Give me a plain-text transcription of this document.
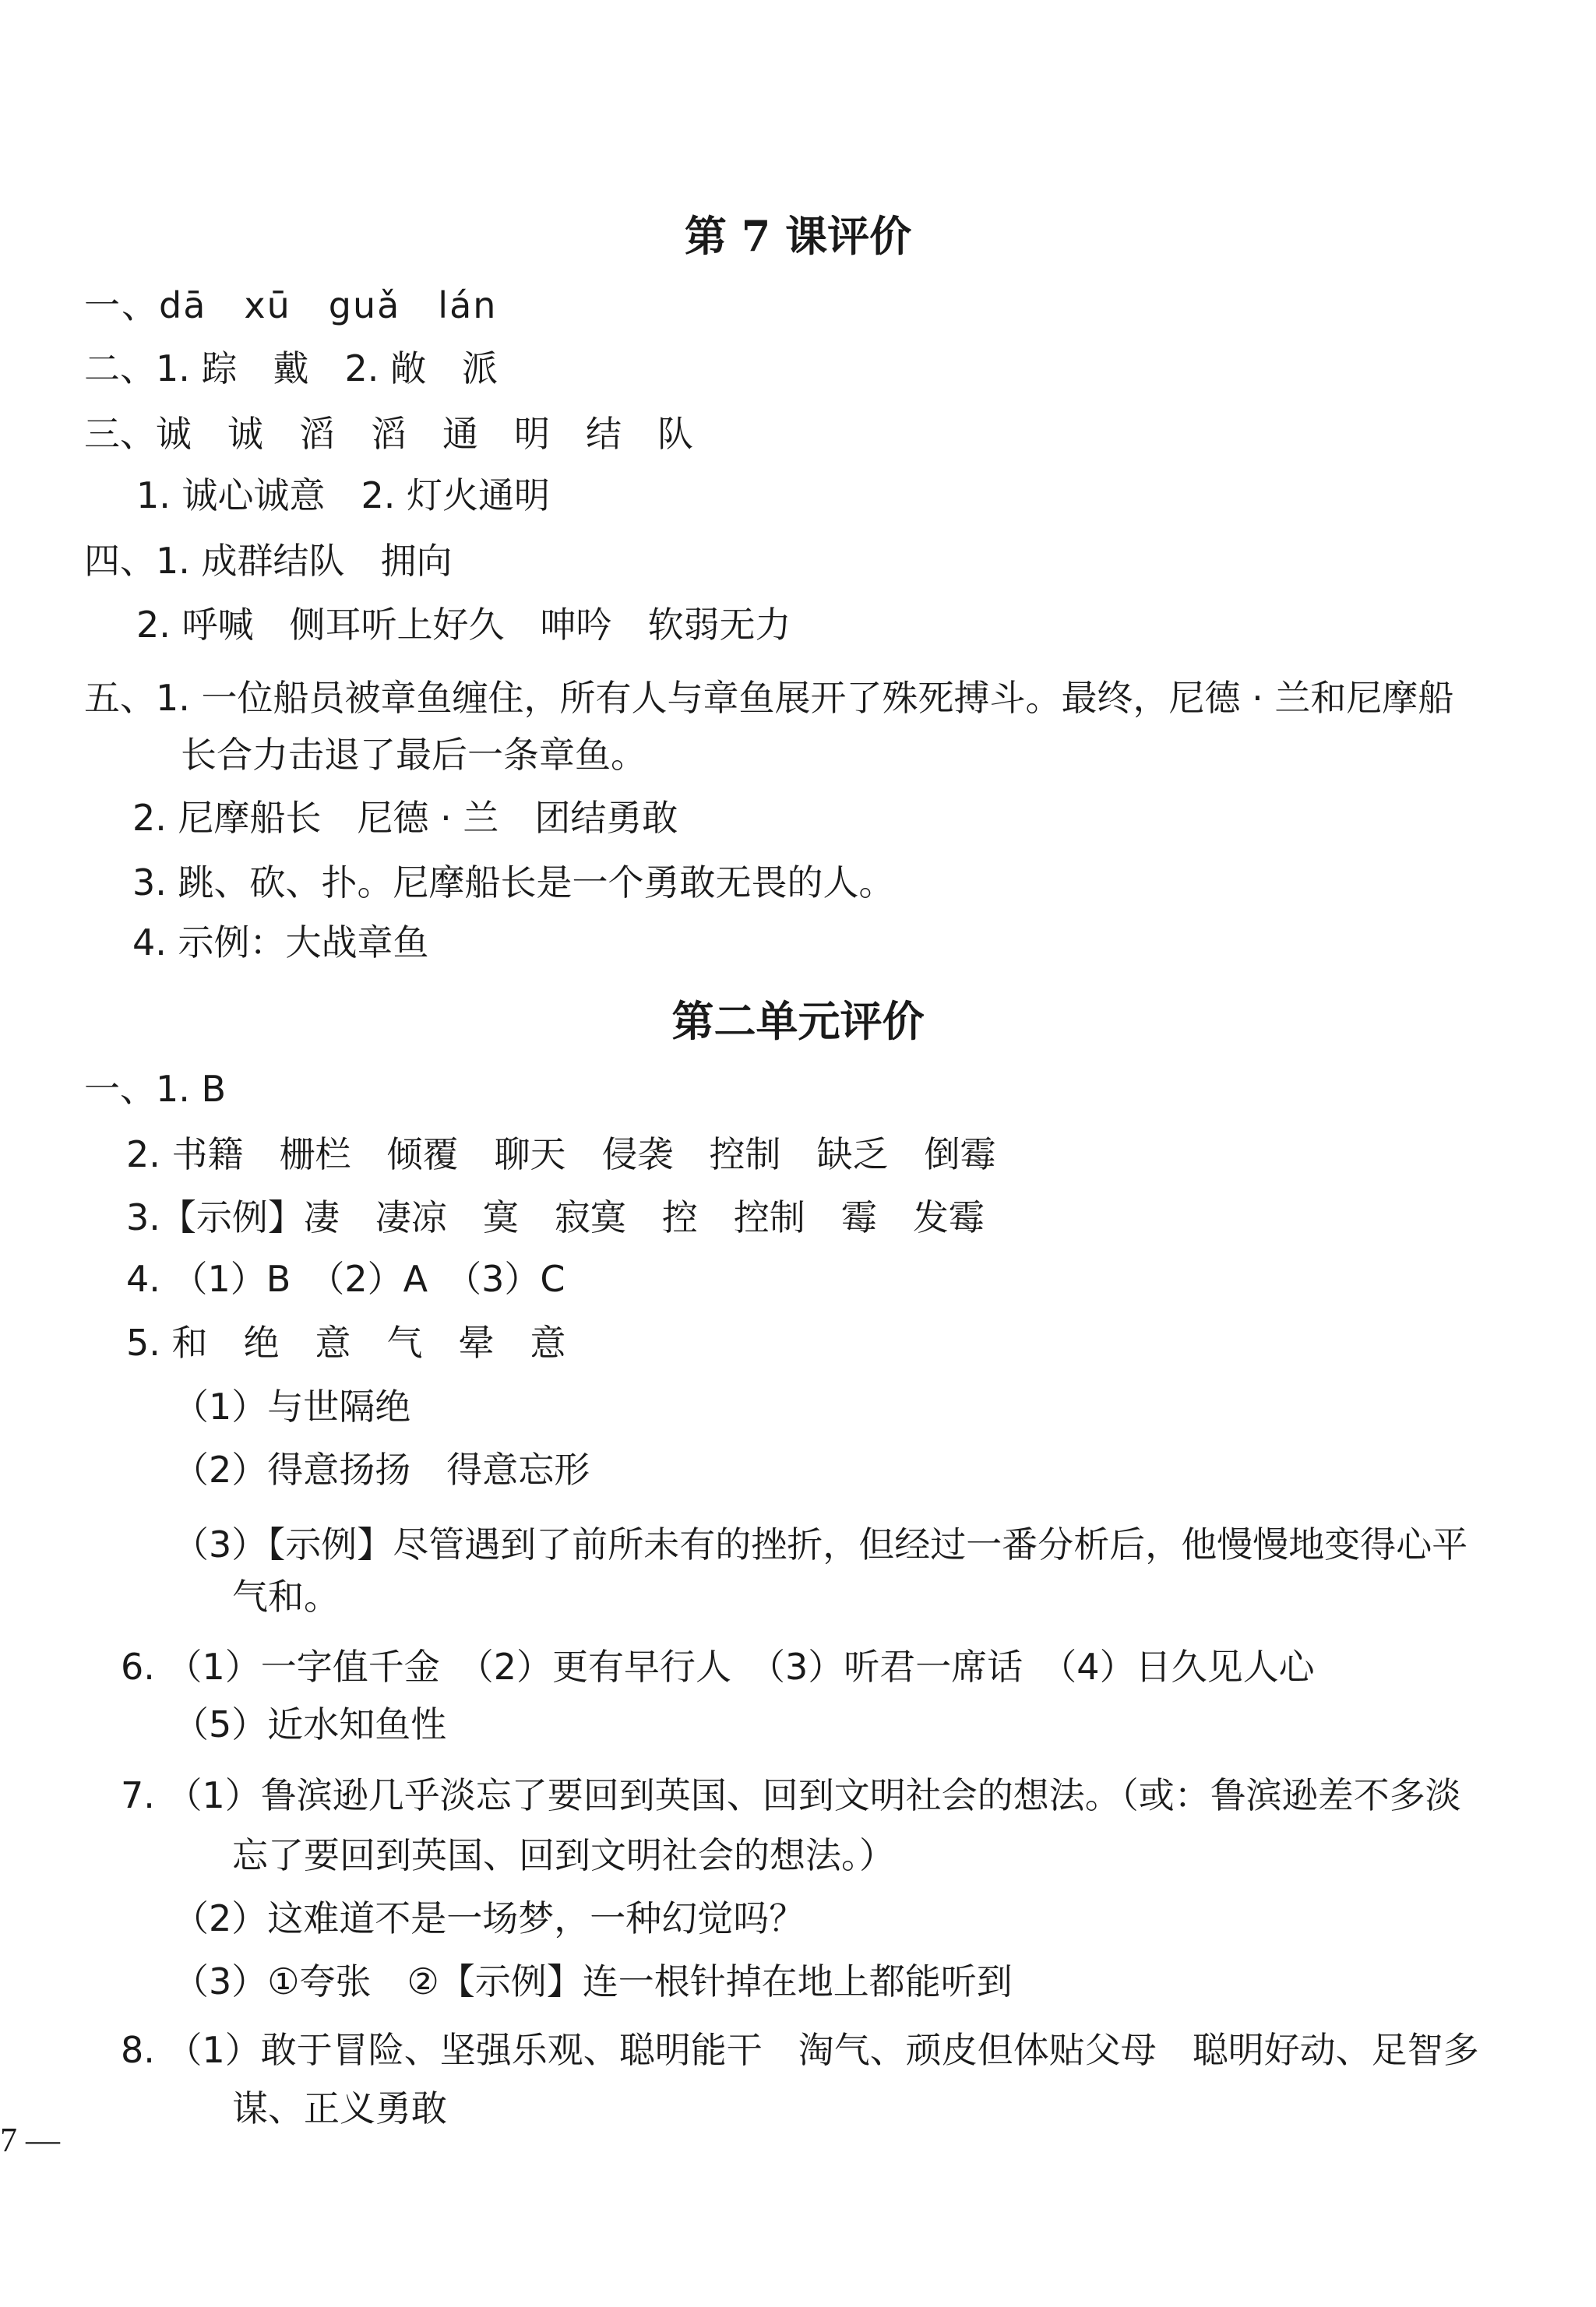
第 7 课评价
一、dā　xū　guǎ　lán
二、1. 踪　戴　2. 敞　派
三、诚　诚　滔　滔　通　明　结　队
1. 诚心诚意　2. 灯火通明
四、1. 成群结队　拥向
2. 呼喊　侧耳听上好久　呻吟　软弱无力
五、1. 一位船员被章鱼缠住，所有人与章鱼展开了殊死搏斗。最终，尼德 · 兰和尼摩船
长合力击退了最后一条章鱼。
2. 尼摩船长　尼德 · 兰　团结勇敢
3. 跳、砍、扑。尼摩船长是一个勇敢无畏的人。
4. 示例：大战章鱼
第二单元评价
一、1. B
2. 书籍　栅栏　倾覆　聊天　侵袭　控制　缺乏　倒霉
3.【示例】凄　凄凉　寞　寂寞　控　控制　霉　发霉
4. （1）B　（2）A　（3）C
5. 和　绝　意　气　晕　意
（1）与世隔绝
（2）得意扬扬　得意忘形
（3）【示例】尽管遇到了前所未有的挫折，但经过一番分析后，他慢慢地变得心平
气和。
6. （1）一字值千金　（2）更有早行人　（3）听君一席话　（4）日久见人心
（5）近水知鱼性
7. （1）鲁滨逊几乎淡忘了要回到英国、回到文明社会的想法。（或：鲁滨逊差不多淡
忘了要回到英国、回到文明社会的想法。）
（2）这难道不是一场梦，一种幻觉吗？
（3）①夸张　②【示例】连一根针掉在地上都能听到
8. （1）敢于冒险、坚强乐观、聪明能干　淘气、顽皮但体贴父母　聪明好动、足智多
谋、正义勇敢
7 —
